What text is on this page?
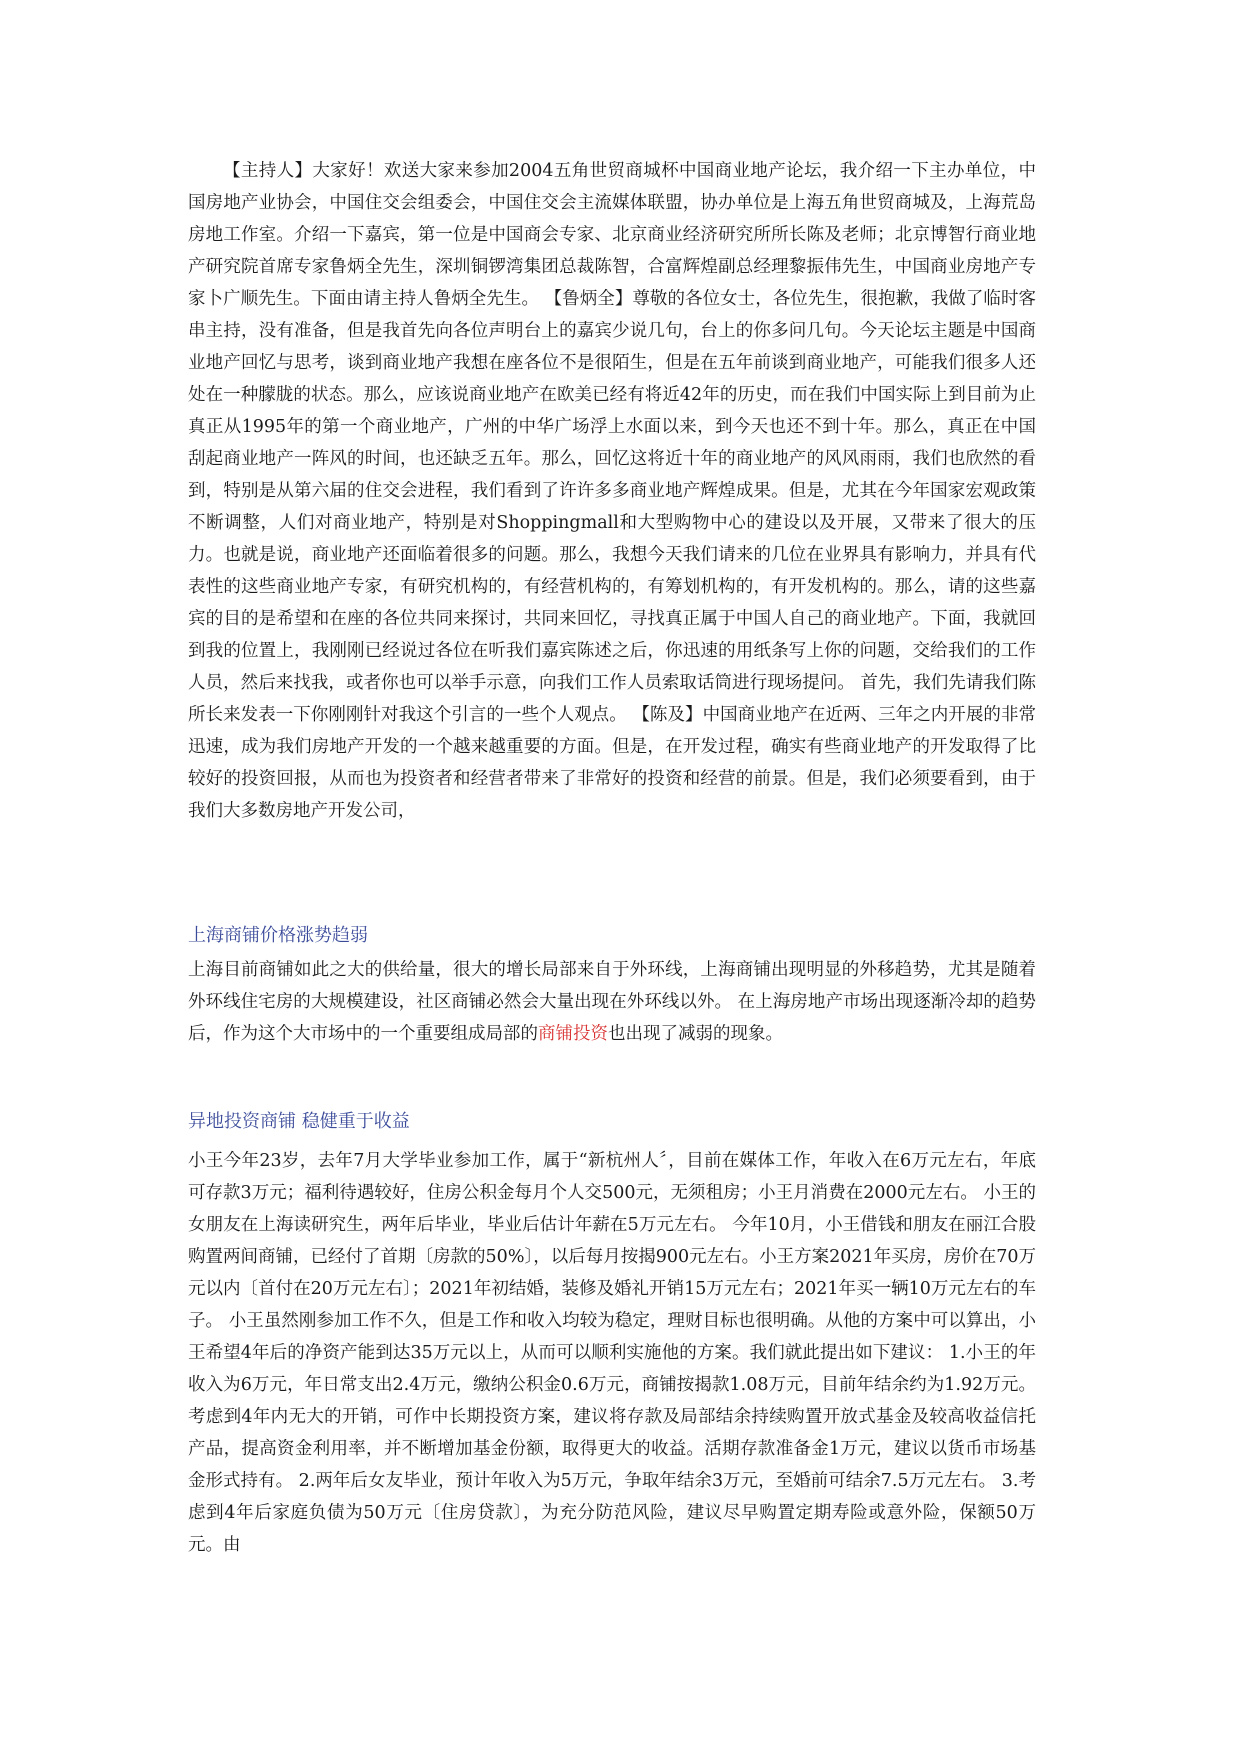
【主持人】大家好！欢送大家来参加2004五角世贸商城杯中国商业地产论坛，我介绍一下主办单位，中国房地产业协会，中国住交会组委会，中国住交会主流媒体联盟，协办单位是上海五角世贸商城及，上海荒岛房地工作室。介绍一下嘉宾，第一位是中国商会专家、北京商业经济研究所所长陈及老师；北京博智行商业地产研究院首席专家鲁炳全先生，深圳铜锣湾集团总裁陈智，合富辉煌副总经理黎振伟先生，中国商业房地产专家卜广顺先生。下面由请主持人鲁炳全先生。 【鲁炳全】尊敬的各位女士，各位先生，很抱歉，我做了临时客串主持，没有准备，但是我首先向各位声明台上的嘉宾少说几句，台上的你多问几句。今天论坛主题是中国商业地产回忆与思考，谈到商业地产我想在座各位不是很陌生，但是在五年前谈到商业地产，可能我们很多人还处在一种朦胧的状态。那么，应该说商业地产在欧美已经有将近42年的历史，而在我们中国实际上到目前为止真正从1995年的第一个商业地产，广州的中华广场浮上水面以来，到今天也还不到十年。那么，真正在中国刮起商业地产一阵风的时间，也还缺乏五年。那么，回忆这将近十年的商业地产的风风雨雨，我们也欣然的看到，特别是从第六届的住交会进程，我们看到了许许多多商业地产辉煌成果。但是，尤其在今年国家宏观政策不断调整，人们对商业地产，特别是对Shoppingmall和大型购物中心的建设以及开展，又带来了很大的压力。也就是说，商业地产还面临着很多的问题。那么，我想今天我们请来的几位在业界具有影响力，并具有代表性的这些商业地产专家，有研究机构的，有经营机构的，有筹划机构的，有开发机构的。那么，请的这些嘉宾的目的是希望和在座的各位共同来探讨，共同来回忆，寻找真正属于中国人自己的商业地产。下面，我就回到我的位置上，我刚刚已经说过各位在听我们嘉宾陈述之后，你迅速的用纸条写上你的问题，交给我们的工作人员，然后来找我，或者你也可以举手示意，向我们工作人员索取话筒进行现场提问。 首先，我们先请我们陈所长来发表一下你刚刚针对我这个引言的一些个人观点。 【陈及】中国商业地产在近两、三年之内开展的非常迅速，成为我们房地产开发的一个越来越重要的方面。但是，在开发过程，确实有些商业地产的开发取得了比较好的投资回报，从而也为投资者和经营者带来了非常好的投资和经营的前景。但是，我们必须要看到，由于我们大多数房地产开发公司，

上海商铺价格涨势趋弱

上海目前商铺如此之大的供给量，很大的增长局部来自于外环线，上海商铺出现明显的外移趋势，尤其是随着外环线住宅房的大规模建设，社区商铺必然会大量出现在外环线以外。 在上海房地产市场出现逐渐冷却的趋势后，作为这个大市场中的一个重要组成局部的商铺投资也出现了减弱的现象。

异地投资商铺 稳健重于收益

小王今年23岁，去年7月大学毕业参加工作，属于“新杭州人〞，目前在媒体工作，年收入在6万元左右，年底可存款3万元；福利待遇较好，住房公积金每月个人交500元，无须租房；小王月消费在2000元左右。 小王的女朋友在上海读研究生，两年后毕业，毕业后估计年薪在5万元左右。 今年10月，小王借钱和朋友在丽江合股购置两间商铺，已经付了首期〔房款的50%〕，以后每月按揭900元左右。小王方案2021年买房，房价在70万元以内〔首付在20万元左右〕；2021年初结婚，装修及婚礼开销15万元左右；2021年买一辆10万元左右的车子。 小王虽然刚参加工作不久，但是工作和收入均较为稳定，理财目标也很明确。从他的方案中可以算出，小王希望4年后的净资产能到达35万元以上，从而可以顺利实施他的方案。我们就此提出如下建议： 1.小王的年收入为6万元，年日常支出2.4万元，缴纳公积金0.6万元，商铺按揭款1.08万元，目前年结余约为1.92万元。考虑到4年内无大的开销，可作中长期投资方案，建议将存款及局部结余持续购置开放式基金及较高收益信托产品，提高资金利用率，并不断增加基金份额，取得更大的收益。活期存款准备金1万元，建议以货币市场基金形式持有。 2.两年后女友毕业，预计年收入为5万元，争取年结余3万元，至婚前可结余7.5万元左右。 3.考虑到4年后家庭负债为50万元〔住房贷款〕，为充分防范风险，建议尽早购置定期寿险或意外险，保额50万元。由
